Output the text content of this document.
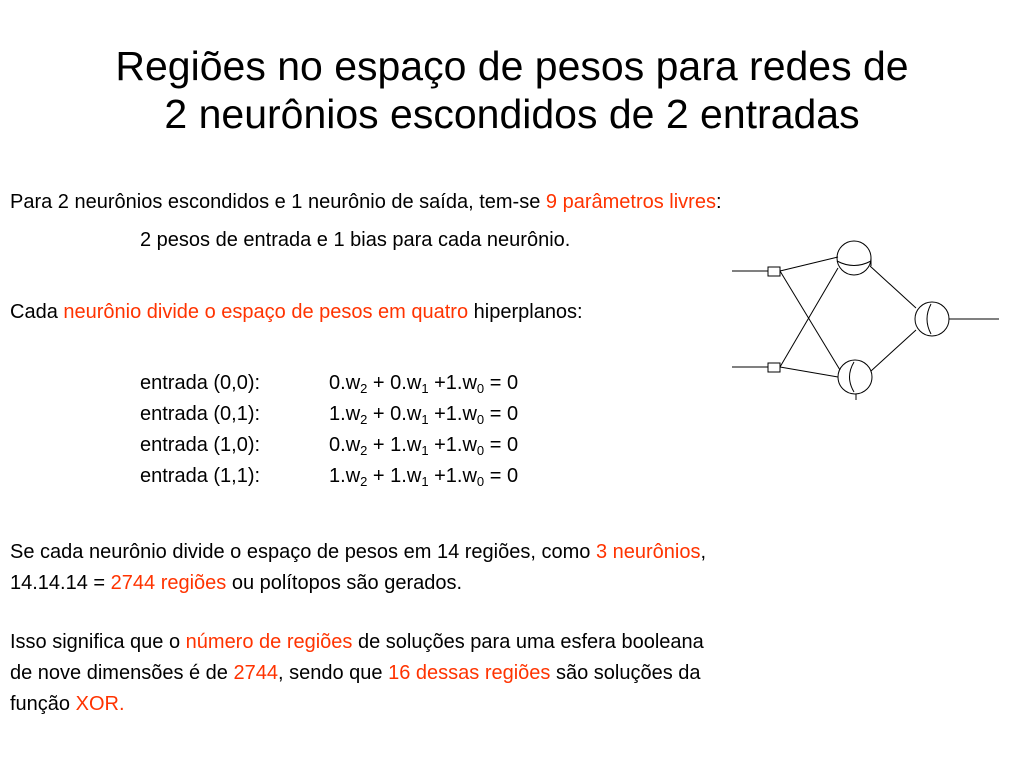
Regiões no espaço de pesos para redes de
2 neurônios escondidos de 2 entradas
Para 2 neurônios escondidos e 1 neurônio de saída, tem-se 9 parâmetros livres:
2 pesos de entrada e 1 bias para cada neurônio.
Cada neurônio divide o espaço de pesos em quatro hiperplanos:
entrada (0,0):	$0.w_2 + 0.w_1 +1.w_0 = 0$
entrada (0,1):	$1.w_2 + 0.w_1 +1.w_0 = 0$
entrada (1,0):	$0.w_2 + 1.w_1 +1.w_0 = 0$
entrada (1,1):	$1.w_2 + 1.w_1 +1.w_0 = 0$
Se cada neurônio divide o espaço de pesos em 14 regiões, como 3 neurônios,
14.14.14 = 2744 regiões ou polítopos são gerados.
Isso significa que o número de regiões de soluções para uma esfera booleana
de nove dimensões é de 2744, sendo que 16 dessas regiões são soluções da
função XOR.
